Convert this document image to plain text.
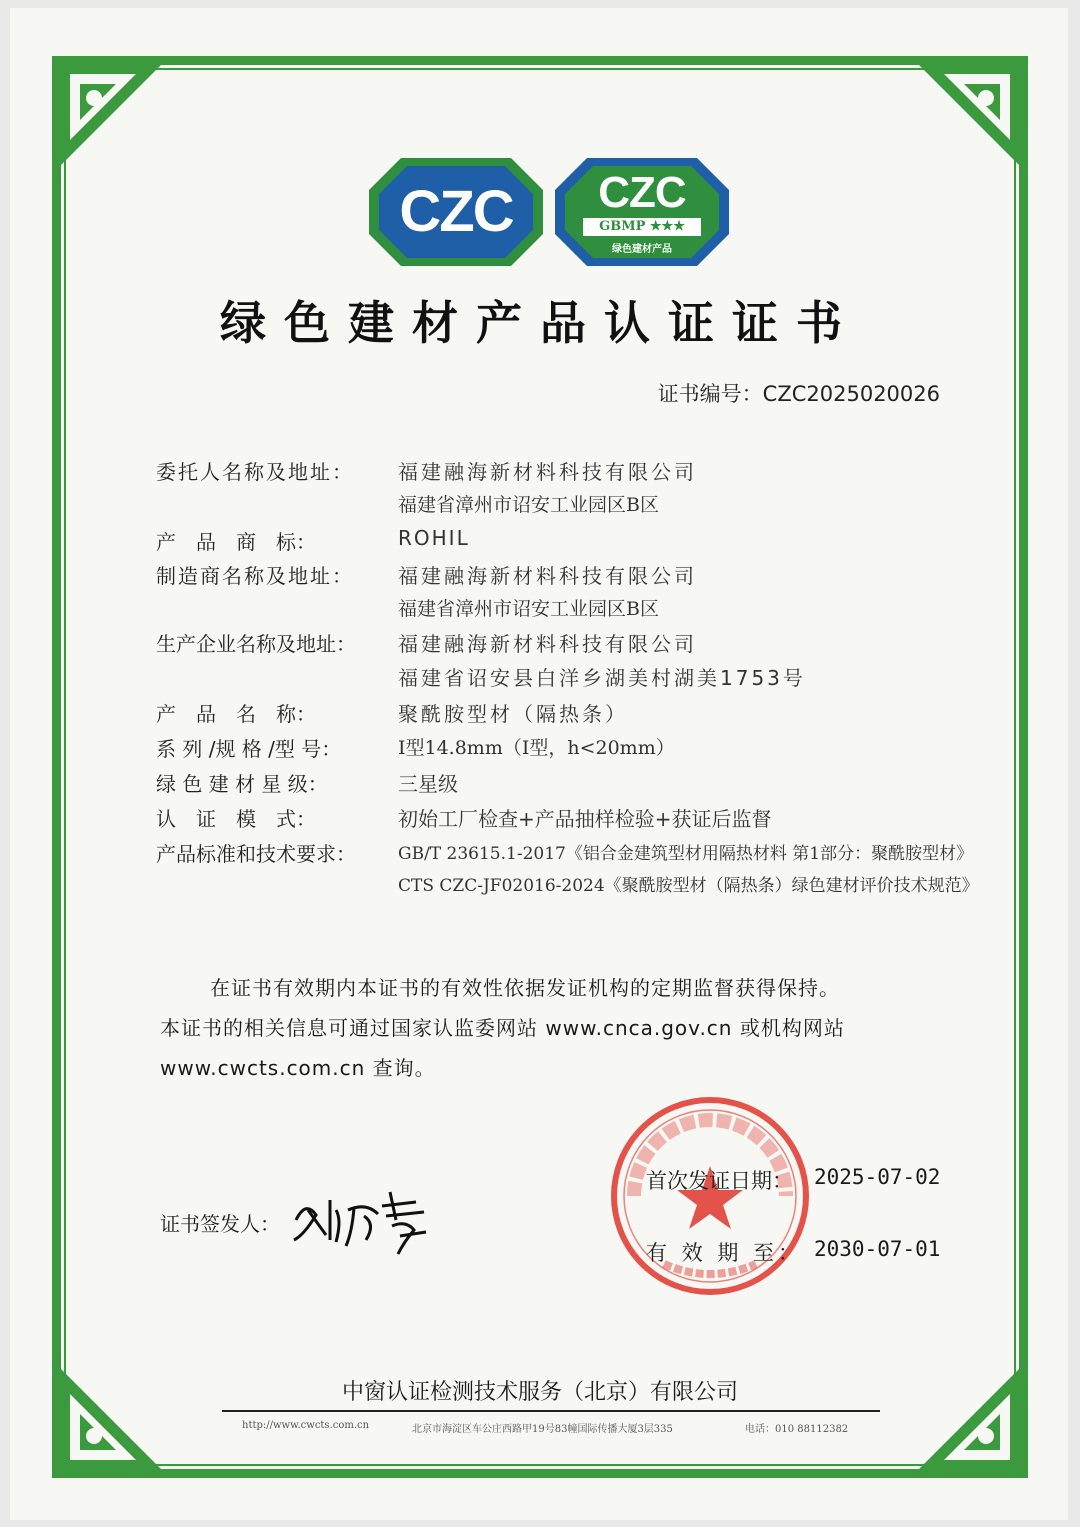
CZC	CZC
GBMP ★★★
绿色建材产品
绿色建材产品认证证书
证书编号：CZC2025020026
委托人名称及地址： 福建融海新材料科技有限公司
福建省漳州市诏安工业园区B区
产　品　商　标：	ROHIL
制造商名称及地址： 福建融海新材料科技有限公司
福建省漳州市诏安工业园区B区
生产企业名称及地址： 福建融海新材料科技有限公司
福建省诏安县白洋乡湖美村湖美1753号
产　品　名　称：	聚酰胺型材（隔热条）
系 列 /规 格 /型 号：	I型14.8mm（I型，h<20mm）
绿 色 建 材 星 级：	三星级
认　证　模　式：	初始工厂检查+产品抽样检验+获证后监督
产品标准和技术要求： GB/T 23615.1-2017《铝合金建筑型材用隔热材料 第1部分：聚酰胺型材》
CTS CZC-JF02016-2024《聚酰胺型材（隔热条）绿色建材评价技术规范》
在证书有效期内本证书的有效性依据发证机构的定期监督获得保持。
本证书的相关信息可通过国家认监委网站 www.cnca.gov.cn 或机构网站
www.cwcts.com.cn 查询。
证书签发人：
首次发证日期： 2025-07-02
有 效 期 至： 2030-07-01
中窗认证检测技术服务（北京）有限公司
http://www.cwcts.com.cn	北京市海淀区车公庄西路甲19号83幢国际传播大厦3层335	电话：010 88112382
